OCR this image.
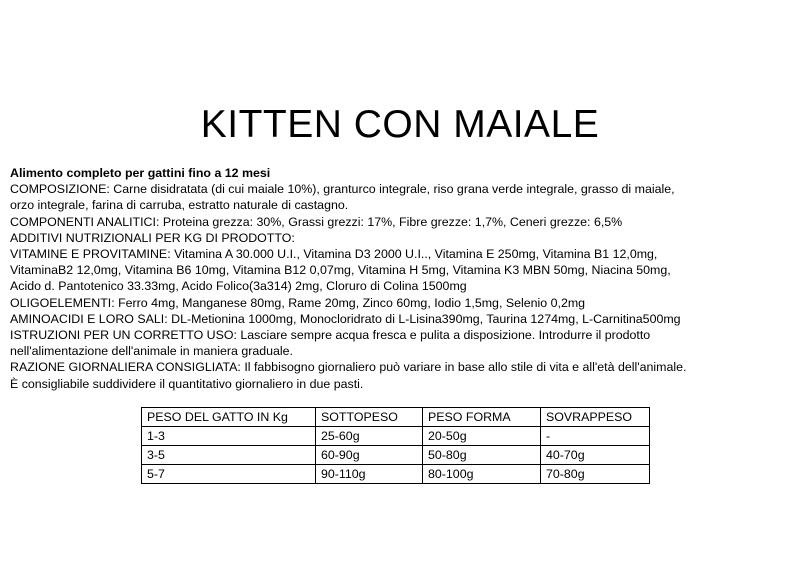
KITTEN CON MAIALE

Alimento completo per gattini fino a 12 mesi

COMPOSIZIONE: Carne disidratata (di cui maiale 10%), granturco integrale, riso grana verde integrale, grasso di maiale,

orzo integrale, farina di carruba, estratto naturale di castagno.

COMPONENTI ANALITICI: Proteina grezza: 30%, Grassi grezzi: 17%, Fibre grezze: 1,7%, Ceneri grezze: 6,5%

ADDITIVI NUTRIZIONALI PER KG DI PRODOTTO:

VITAMINE E PROVITAMINE: Vitamina A 30.000 U.I., Vitamina D3 2000 U.I.., Vitamina E 250mg, Vitamina B1 12,0mg,

VitaminaB2 12,0mg, Vitamina B6 10mg, Vitamina B12 0,07mg, Vitamina H 5mg, Vitamina K3 MBN 50mg, Niacina 50mg,

Acido d. Pantotenico 33.33mg, Acido Folico(3a314) 2mg, Cloruro di Colina 1500mg

OLIGOELEMENTI: Ferro 4mg, Manganese 80mg, Rame 20mg, Zinco 60mg, Iodio 1,5mg, Selenio 0,2mg

AMINOACIDI E LORO SALI: DL-Metionina 1000mg, Monocloridrato di L-Lisina390mg, Taurina 1274mg, L-Carnitina500mg

ISTRUZIONI PER UN CORRETTO USO: Lasciare sempre acqua fresca e pulita a disposizione. Introdurre il prodotto

nell'alimentazione dell'animale in maniera graduale.

RAZIONE GIORNALIERA CONSIGLIATA: Il fabbisogno giornaliero può variare in base allo stile di vita e all'età dell'animale.

È consigliabile suddividere il quantitativo giornaliero in due pasti.

PESO DEL GATTO IN Kg	SOTTOPESO	PESO FORMA	SOVRAPPESO
1-3	25-60g	20-50g	-
3-5	60-90g	50-80g	40-70g
5-7	90-110g	80-100g	70-80g
